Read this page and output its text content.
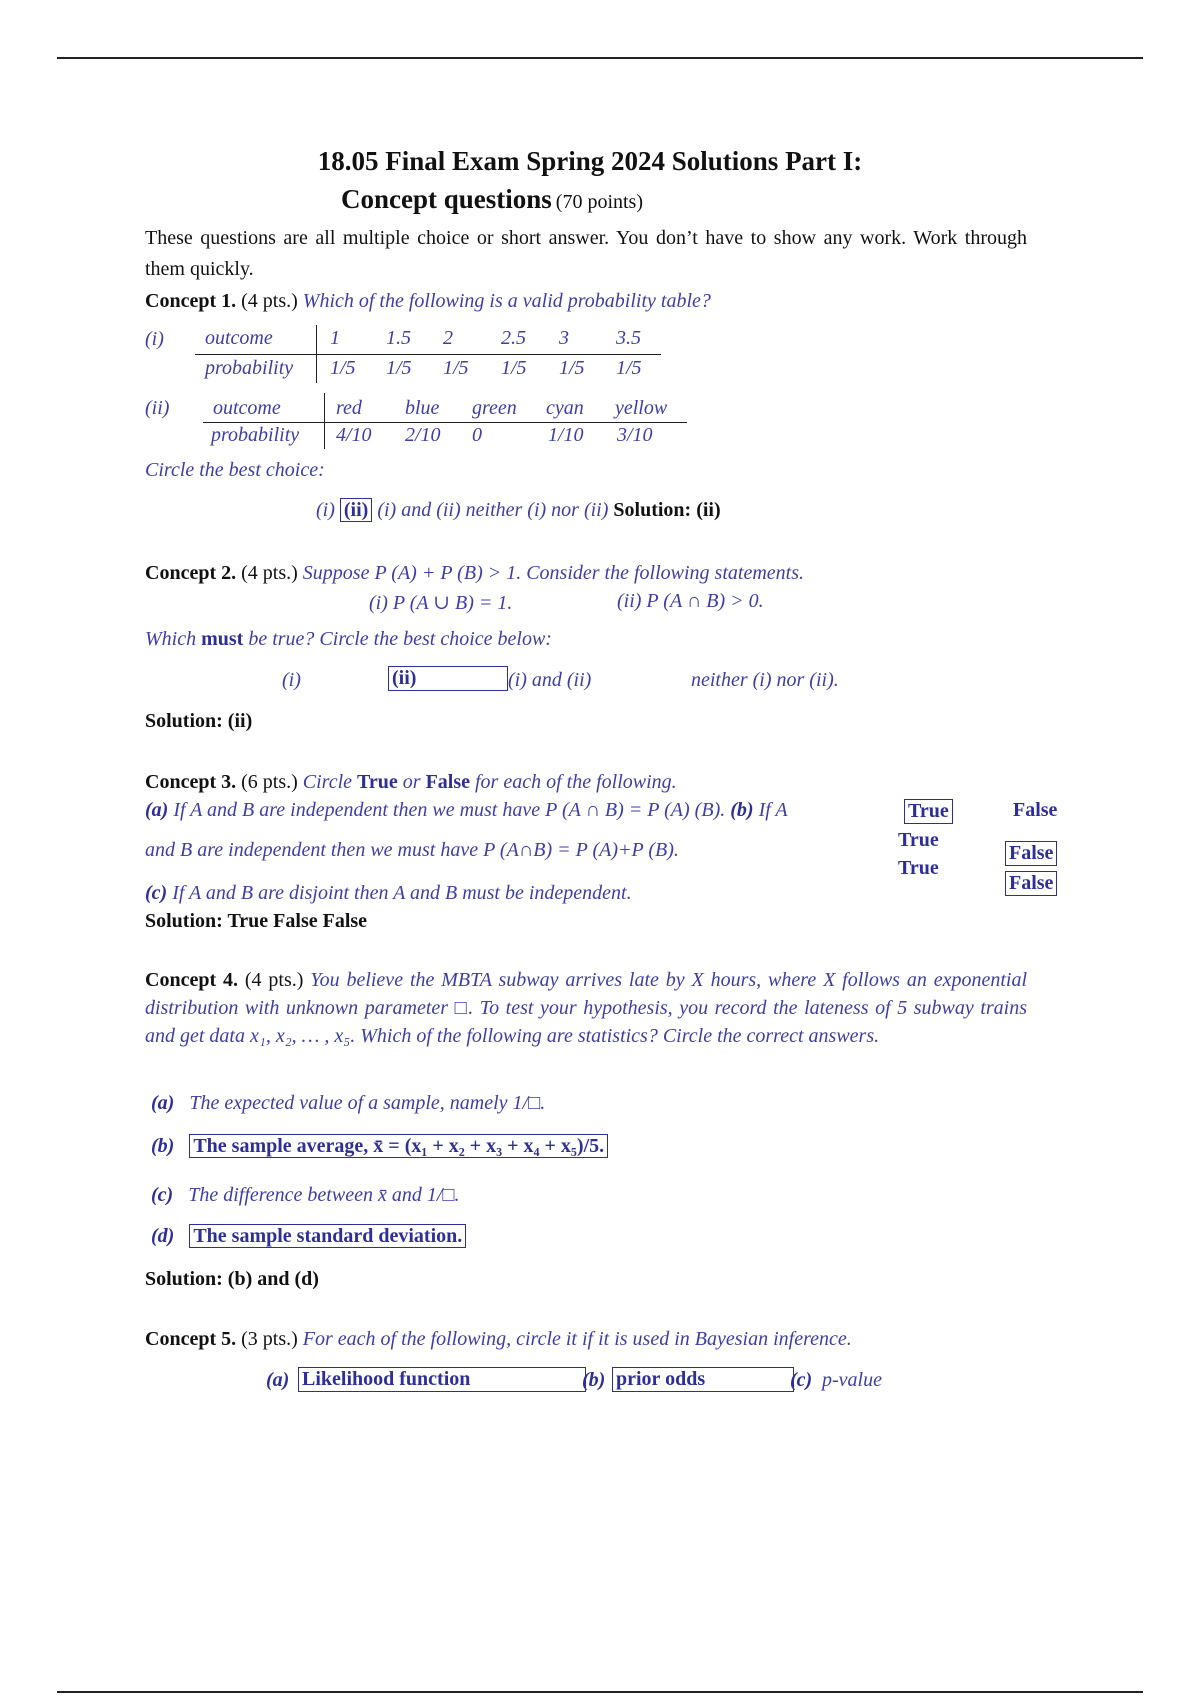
18.05 Final Exam Spring 2024 Solutions Part I:
Concept questions (70 points)
These questions are all multiple choice or short answer. You don’t have to show any work. Work through them quickly.
Concept 1. (4 pts.) Which of the following is a valid probability table?
(i) outcome
probability
1 1.5 2 2.5 3 3.5
1/5 1/5 1/5 1/5 1/5 1/5
(ii) outcome
probability
red blue green cyan yellow
4/10 2/10 0	1/10 3/10
Circle the best choice:
(i) (ii) (i) and (ii) neither (i) nor (ii) Solution: (ii)
Concept 2. (4 pts.) Suppose P (A) + P (B) > 1. Consider the following statements.
(i) P (A ∪ B) = 1.	(ii) P (A ∩ B) > 0.
Which must be true? Circle the best choice below:
(i)	(ii)	(i) and (ii)	neither (i) nor (ii).
Solution: (ii)
Concept 3. (6 pts.) Circle True or False for each of the following.
(a) If A and B are independent then we must have P (A ∩ B) = P (A) (B). (b) If A
and B are independent then we must have P (A∩B) = P (A)+P (B).
(c) If A and B are disjoint then A and B must be independent.
True	False
True
False
True
False
Solution: True False False
Concept 4. (4 pts.) You believe the MBTA subway arrives late by X hours, where X follows an exponential distribution with unknown parameter □. To test your hypothesis, you record the lateness of 5 subway trains and get data x₁, x₂, … , x₅. Which of the following are statistics? Circle the correct answers.
(a) The expected value of a sample, namely 1/□.
(b) The sample average, x̄ = (x₁ + x₂ + x₃ + x₄ + x₅)/5.
(c) The difference between x̄ and 1/□.
(d) The sample standard deviation.
Solution: (b) and (d)
Concept 5. (3 pts.) For each of the following, circle it if it is used in Bayesian inference.
(a) Likelihood function	(b) prior odds	(c) p-value
